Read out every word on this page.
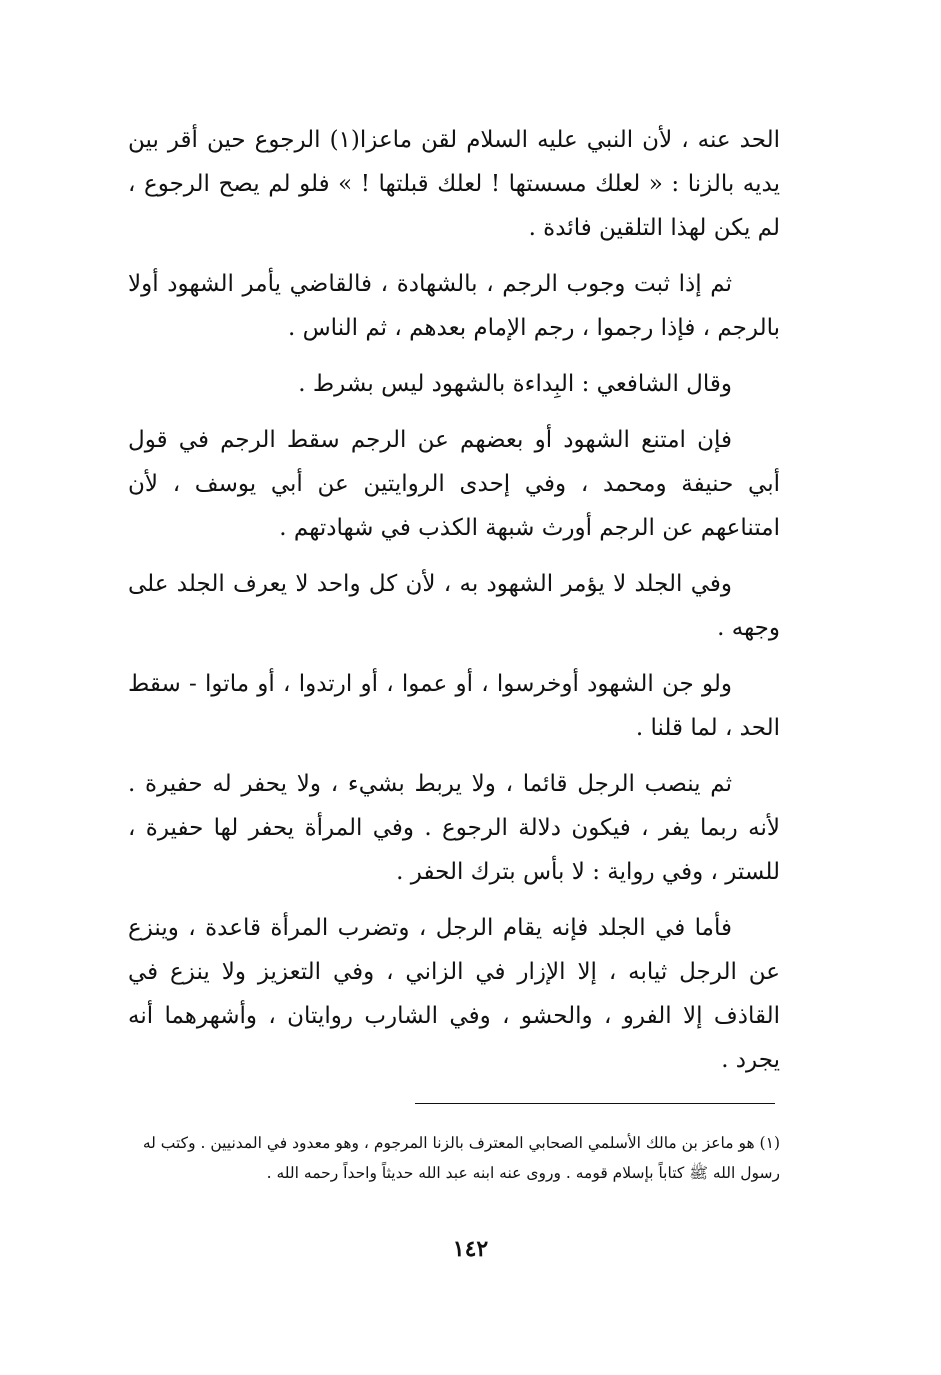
الحد عنه ، لأن النبي عليه السلام لقن ماعزا(١) الرجوع حين أقر بين يديه بالزنا : « لعلك مسستها ! لعلك قبلتها ! » فلو لم يصح الرجوع ، لم يكن لهذا التلقين فائدة .

ثم إذا ثبت وجوب الرجم ، بالشهادة ، فالقاضي يأمر الشهود أولا بالرجم ، فإذا رجموا ، رجم الإمام بعدهم ، ثم الناس .

وقال الشافعي : البِداءة بالشهود ليس بشرط .

فإن امتنع الشهود أو بعضهم عن الرجم سقط الرجم في قول أبي حنيفة ومحمد ، وفي إحدى الروايتين عن أبي يوسف ، لأن امتناعهم عن الرجم أورث شبهة الكذب في شهادتهم .

وفي الجلد لا يؤمر الشهود به ، لأن كل واحد لا يعرف الجلد على وجهه .

ولو جن الشهود أوخرسوا ، أو عموا ، أو ارتدوا ، أو ماتوا - سقط الحد ، لما قلنا .

ثم ينصب الرجل قائما ، ولا يربط بشيء ، ولا يحفر له حفيرة . لأنه ربما يفر ، فيكون دلالة الرجوع . وفي المرأة يحفر لها حفيرة ، للستر ، وفي رواية : لا بأس بترك الحفر .

فأما في الجلد فإنه يقام الرجل ، وتضرب المرأة قاعدة ، وينزع عن الرجل ثيابه ، إلا الإزار في الزاني ، وفي التعزيز ولا ينزع في القاذف إلا الفرو ، والحشو ، وفي الشارب روايتان ، وأشهرهما أنه يجرد .

(١) هو ماعز بن مالك الأسلمي الصحابي المعترف بالزنا المرجوم ، وهو معدود في المدنيين . وكتب له رسول الله ﷺ كتاباً بإسلام قومه . وروى عنه ابنه عبد الله حديثاً واحداً رحمه الله .
١٤٢
